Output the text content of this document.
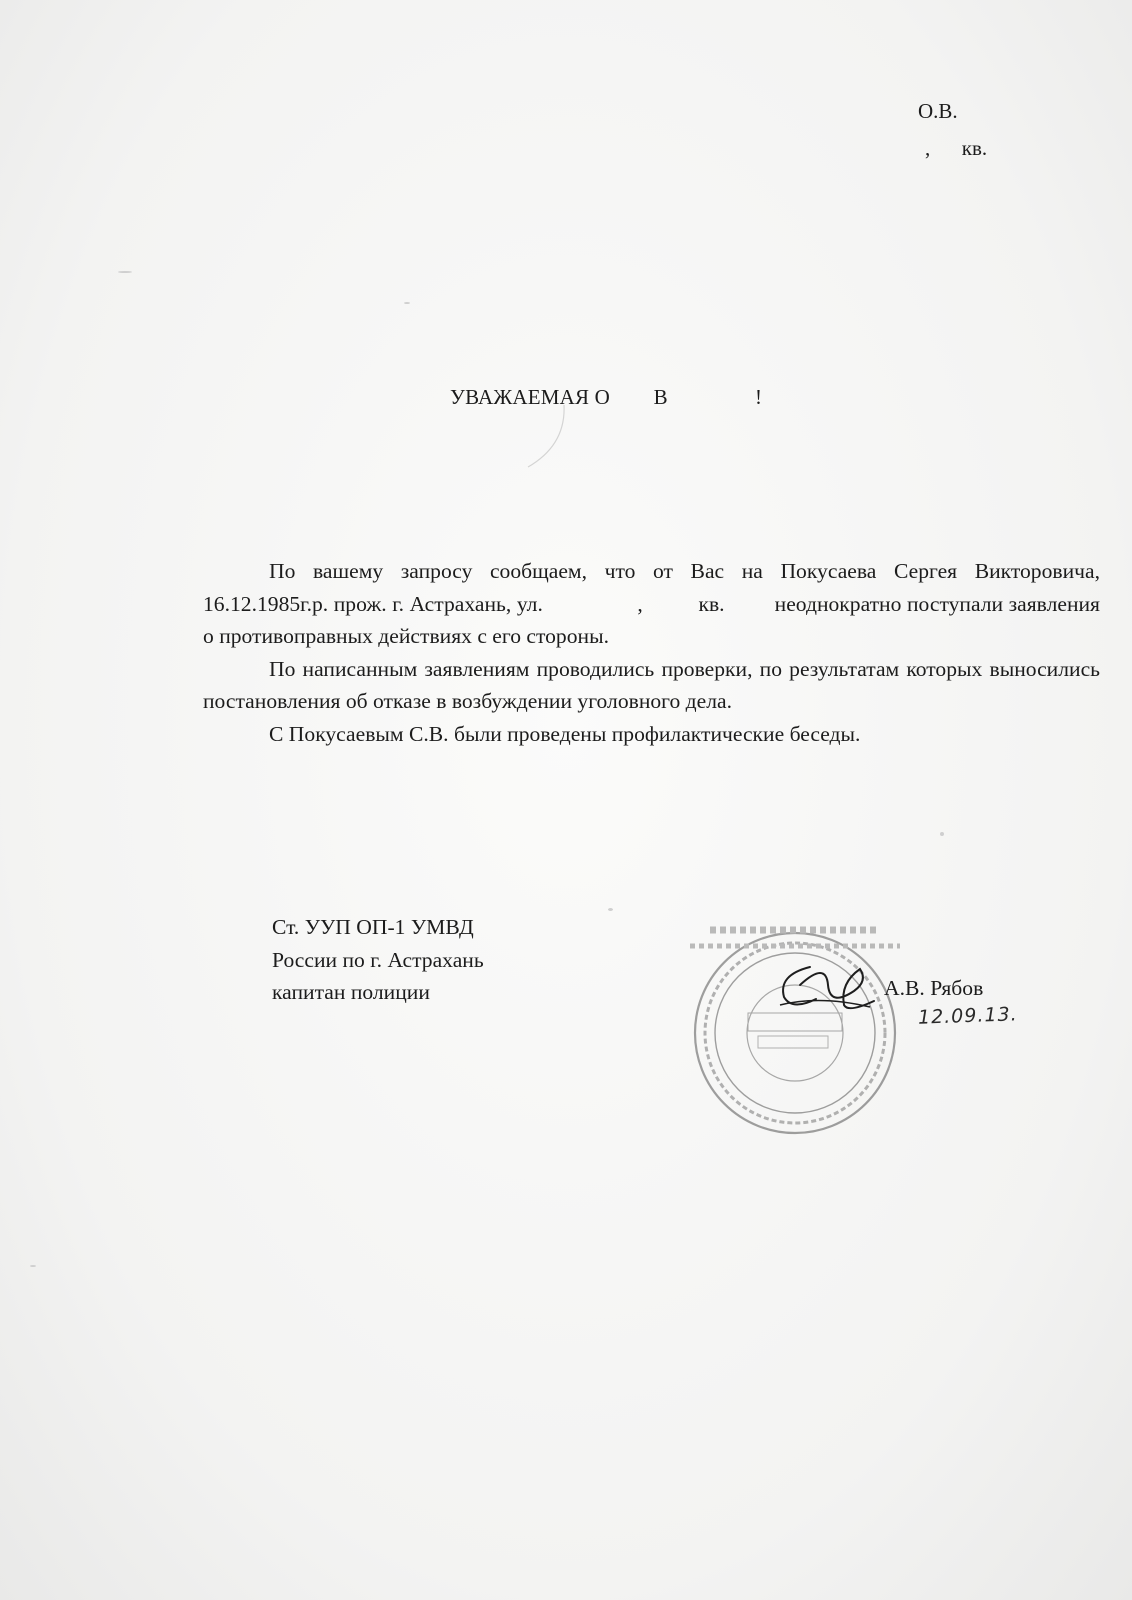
О.В.
,      кв.
УВАЖАЕМАЯ О        В                !

По вашему запросу сообщаем, что от Вас на Покусаева Сергея Викторовича, 16.12.1985г.р. прож. г. Астрахань, ул.                 ,          кв.         неоднократно поступали заявления о противоправных действиях с его стороны.

По написанным заявлениям проводились проверки, по результатам которых выносились постановления об отказе в возбуждении уголовного дела.

С Покусаевым С.В. были проведены профилактические беседы.

Ст. УУП ОП-1 УМВД
России по г. Астрахань
капитан полиции	А.В. Рябов
12.09.13.
